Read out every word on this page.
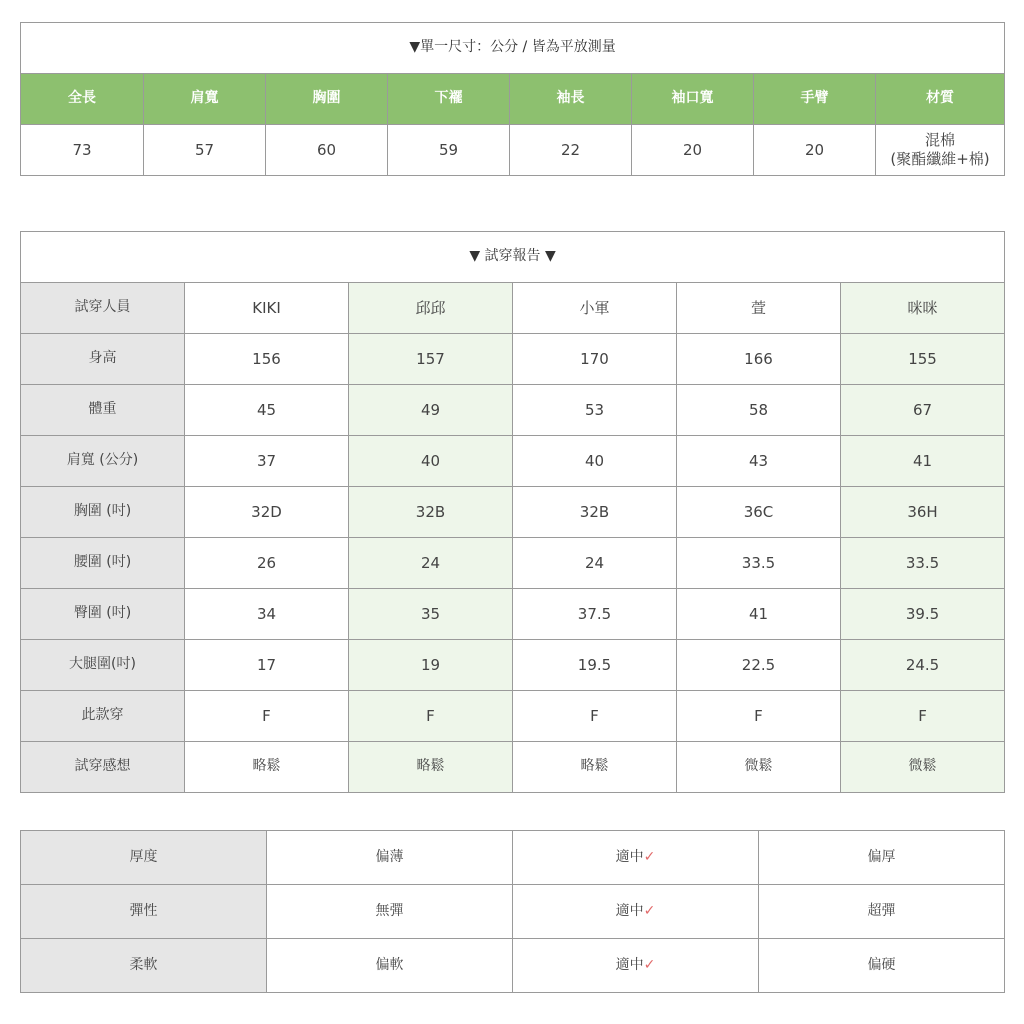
▼單一尺寸：公分 / 皆為平放測量							
全長	肩寬	胸圍	下襬	袖長	袖口寬	手臂	材質
73	57	60	59	22	20	20	混棉
(聚酯纖維+棉)
▼ 試穿報告 ▼					
試穿人員	KIKI	邱邱	小軍	萱	咪咪
身高	156	157	170	166	155
體重	45	49	53	58	67
肩寬 (公分)	37	40	40	43	41
胸圍 (吋)	32D	32B	32B	36C	36H
腰圍 (吋)	26	24	24	33.5	33.5
臀圍 (吋)	34	35	37.5	41	39.5
大腿圍(吋)	17	19	19.5	22.5	24.5
此款穿	F	F	F	F	F
試穿感想	略鬆	略鬆	略鬆	微鬆	微鬆
厚度	偏薄	適中✓	偏厚
彈性	無彈	適中✓	超彈
柔軟	偏軟	適中✓	偏硬
